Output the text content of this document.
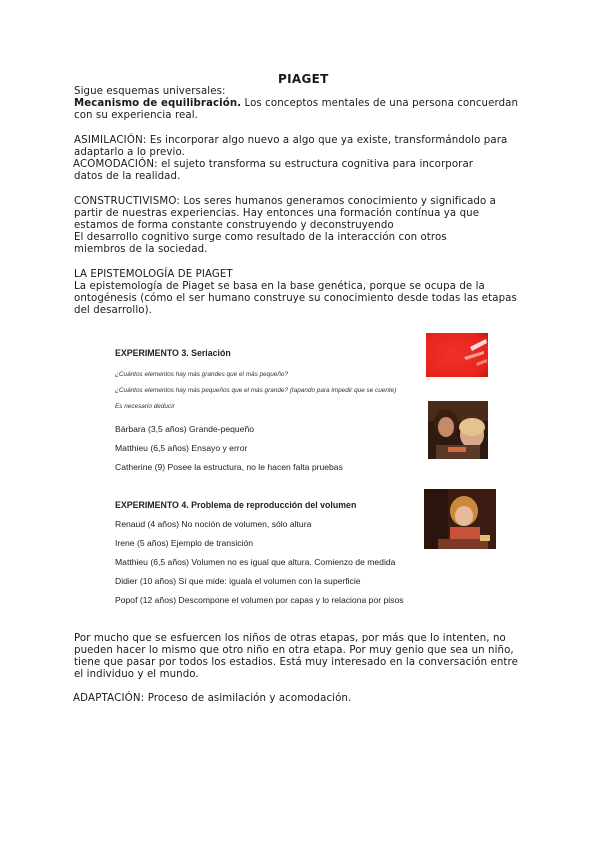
PIAGET
Sigue esquemas universales:
Mecanismo de equilibración. Los conceptos mentales de una persona concuerdan
con su experiencia real.
ASIMILACIÓN: Es incorporar algo nuevo a algo que ya existe, transformándolo para
adaptarlo a lo previo.
ACOMODACIÓN: el sujeto transforma su estructura cognitiva para incorporar
datos de la realidad.
CONSTRUCTIVISMO: Los seres humanos generamos conocimiento y significado a
partir de nuestras experiencias. Hay entonces una formación contínua ya que
estamos de forma constante construyendo y deconstruyendo
El desarrollo cognitivo surge como resultado de la interacción con otros
miembros de la sociedad.
LA EPISTEMOLOGÍA DE PIAGET
La epistemología de Piaget se basa en la base genética, porque se ocupa de la
ontogénesis (cómo el ser humano construye su conocimiento desde todas las etapas
del desarrollo).
EXPERIMENTO 3. Seriación
¿Cuántos elementos hay más grandes que el más pequeño?
¿Cuántos elementos hay más pequeños que el más grande? (tapando para impedir que se cuente)
Es necesario deducir
Bárbara (3,5 años) Grande-pequeño
Matthieu (6,5 años) Ensayo y error
Catherine (9) Posee la estructura, no le hacen falta pruebas
EXPERIMENTO 4. Problema de reproducción del volumen
Renaud (4 años) No noción de volumen, sólo altura
Irene (5 años) Ejemplo de transición
Matthieu (6,5 años) Volumen no es igual que altura. Comienzo de medida
Didier (10 años) Sí que mide: iguala el volumen con la superficie
Popof (12 años) Descompone el volumen por capas y lo relaciona por pisos
Por mucho que se esfuercen los niños de otras etapas, por más que lo intenten, no
pueden hacer lo mismo que otro niño en otra etapa. Por muy genio que sea un niño,
tiene que pasar por todos los estadios. Está muy interesado en la conversación entre
el individuo y el mundo.
ADAPTACIÓN: Proceso de asimilación y acomodación.
